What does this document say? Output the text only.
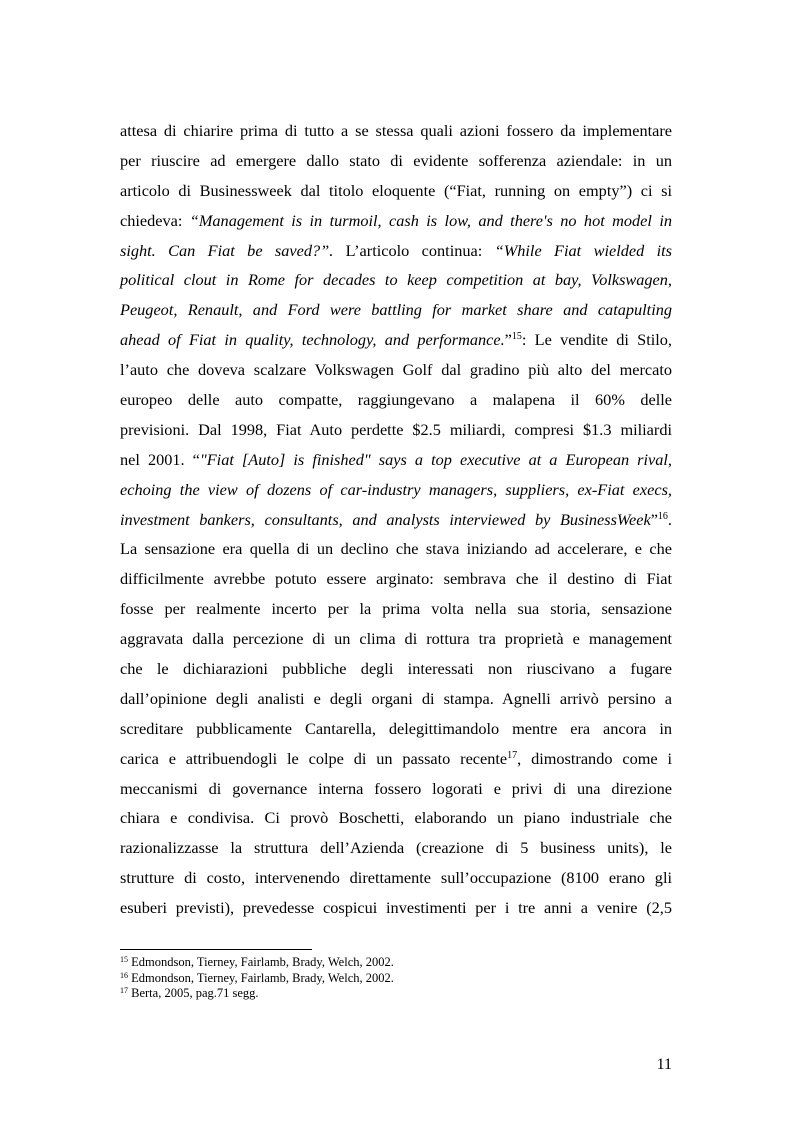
attesa di chiarire prima di tutto a se stessa quali azioni fossero da implementare
per riuscire ad emergere dallo stato di evidente sofferenza aziendale: in un
articolo di Businessweek dal titolo eloquente (“Fiat, running on empty”) ci si
chiedeva: “Management is in turmoil, cash is low, and there's no hot model in
sight. Can Fiat be saved?”. L’articolo continua: “While Fiat wielded its
political clout in Rome for decades to keep competition at bay, Volkswagen,
Peugeot, Renault, and Ford were battling for market share and catapulting
ahead of Fiat in quality, technology, and performance.”$^{15}$: Le vendite di Stilo,
l’auto che doveva scalzare Volkswagen Golf dal gradino più alto del mercato
europeo delle auto compatte, raggiungevano a malapena il 60% delle
previsioni. Dal 1998, Fiat Auto perdette $2.5 miliardi, compresi $1.3 miliardi
nel 2001. “"Fiat [Auto] is finished" says a top executive at a European rival,
echoing the view of dozens of car-industry managers, suppliers, ex-Fiat execs,
investment bankers, consultants, and analysts interviewed by BusinessWeek”$^{16}$.
La sensazione era quella di un declino che stava iniziando ad accelerare, e che
difficilmente avrebbe potuto essere arginato: sembrava che il destino di Fiat
fosse per realmente incerto per la prima volta nella sua storia, sensazione
aggravata dalla percezione di un clima di rottura tra proprietà e management
che le dichiarazioni pubbliche degli interessati non riuscivano a fugare
dall’opinione degli analisti e degli organi di stampa. Agnelli arrivò persino a
screditare pubblicamente Cantarella, delegittimandolo mentre era ancora in
carica e attribuendogli le colpe di un passato recente$^{17}$, dimostrando come i
meccanismi di governance interna fossero logorati e privi di una direzione
chiara e condivisa. Ci provò Boschetti, elaborando un piano industriale che
razionalizzasse la struttura dell’Azienda (creazione di 5 business units), le
strutture di costo, intervenendo direttamente sull’occupazione (8100 erano gli
esuberi previsti), prevedesse cospicui investimenti per i tre anni a venire (2,5
$^{15}$ Edmondson, Tierney, Fairlamb, Brady, Welch, 2002.
$^{16}$ Edmondson, Tierney, Fairlamb, Brady, Welch, 2002.
$^{17}$ Berta, 2005, pag.71 segg.
11
